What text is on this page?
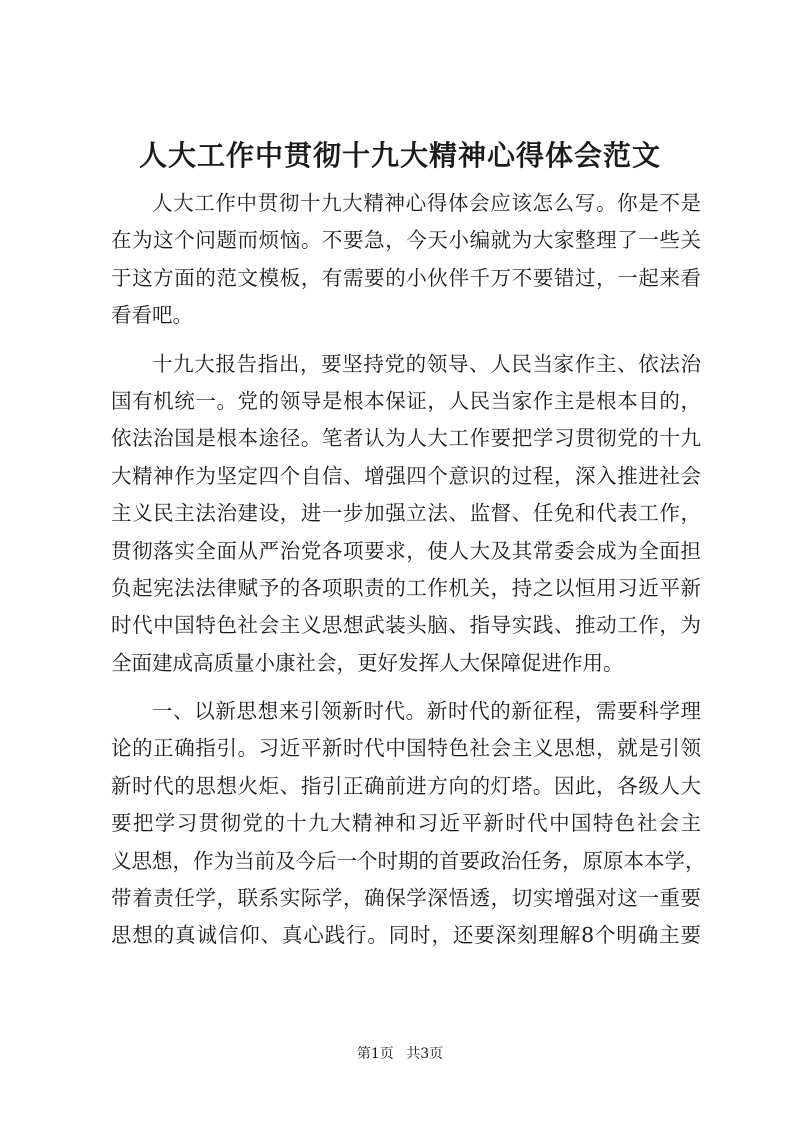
人大工作中贯彻十九大精神心得体会范文

人大工作中贯彻十九大精神心得体会应该怎么写。你是不是
在为这个问题而烦恼。不要急，今天小编就为大家整理了一些关
于这方面的范文模板，有需要的小伙伴千万不要错过，一起来看
看看吧。

十九大报告指出，要坚持党的领导、人民当家作主、依法治
国有机统一。党的领导是根本保证，人民当家作主是根本目的，
依法治国是根本途径。笔者认为人大工作要把学习贯彻党的十九
大精神作为坚定四个自信、增强四个意识的过程，深入推进社会
主义民主法治建设，进一步加强立法、监督、任免和代表工作，
贯彻落实全面从严治党各项要求，使人大及其常委会成为全面担
负起宪法法律赋予的各项职责的工作机关，持之以恒用习近平新
时代中国特色社会主义思想武装头脑、指导实践、推动工作，为
全面建成高质量小康社会，更好发挥人大保障促进作用。

一、以新思想来引领新时代。新时代的新征程，需要科学理
论的正确指引。习近平新时代中国特色社会主义思想，就是引领
新时代的思想火炬、指引正确前进方向的灯塔。因此，各级人大
要把学习贯彻党的十九大精神和习近平新时代中国特色社会主
义思想，作为当前及今后一个时期的首要政治任务，原原本本学，
带着责任学，联系实际学，确保学深悟透，切实增强对这一重要
思想的真诚信仰、真心践行。同时，还要深刻理解8个明确主要

第1页 共3页
